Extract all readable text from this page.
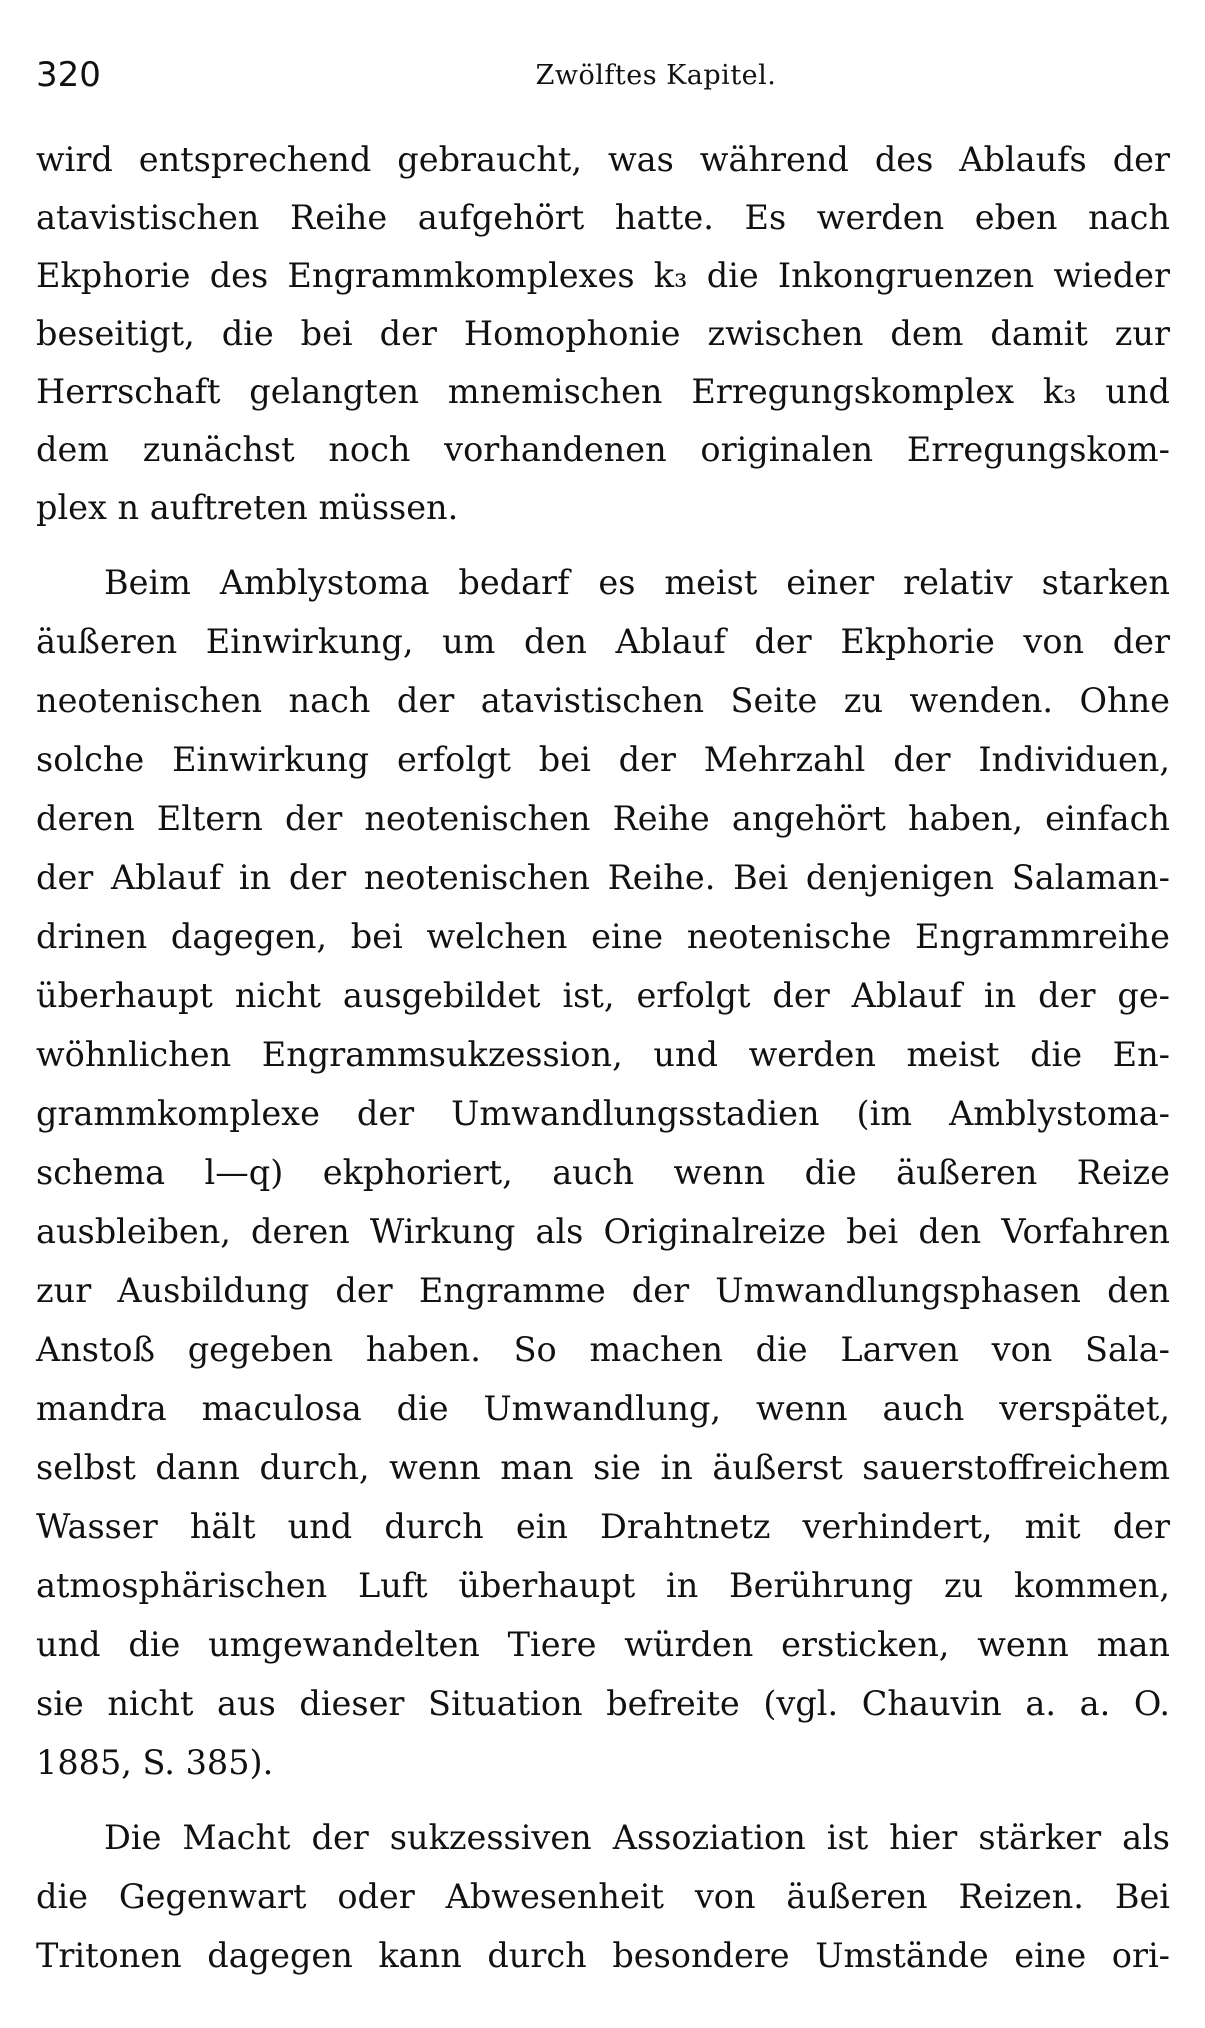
320	Zwölftes Kapitel.
wird entsprechend gebraucht, was während des Ablaufs der
atavistischen Reihe aufgehört hatte. Es werden eben nach
Ekphorie des Engrammkomplexes k₃ die Inkongruenzen wieder
beseitigt, die bei der Homophonie zwischen dem damit zur
Herrschaft gelangten mnemischen Erregungskomplex k₃ und
dem zunächst noch vorhandenen originalen Erregungskom-
plex n auftreten müssen.
Beim Amblystoma bedarf es meist einer relativ starken
äußeren Einwirkung, um den Ablauf der Ekphorie von der
neotenischen nach der atavistischen Seite zu wenden. Ohne
solche Einwirkung erfolgt bei der Mehrzahl der Individuen,
deren Eltern der neotenischen Reihe angehört haben, einfach
der Ablauf in der neotenischen Reihe. Bei denjenigen Salaman-
drinen dagegen, bei welchen eine neotenische Engrammreihe
überhaupt nicht ausgebildet ist, erfolgt der Ablauf in der ge-
wöhnlichen Engrammsukzession, und werden meist die En-
grammkomplexe der Umwandlungsstadien (im Amblystoma-
schema l—q) ekphoriert, auch wenn die äußeren Reize
ausbleiben, deren Wirkung als Originalreize bei den Vorfahren
zur Ausbildung der Engramme der Umwandlungsphasen den
Anstoß gegeben haben. So machen die Larven von Sala-
mandra maculosa die Umwandlung, wenn auch verspätet,
selbst dann durch, wenn man sie in äußerst sauerstoffreichem
Wasser hält und durch ein Drahtnetz verhindert, mit der
atmosphärischen Luft überhaupt in Berührung zu kommen,
und die umgewandelten Tiere würden ersticken, wenn man
sie nicht aus dieser Situation befreite (vgl. Chauvin a. a. O.
1885, S. 385).
Die Macht der sukzessiven Assoziation ist hier stärker als
die Gegenwart oder Abwesenheit von äußeren Reizen. Bei
Tritonen dagegen kann durch besondere Umstände eine ori-
